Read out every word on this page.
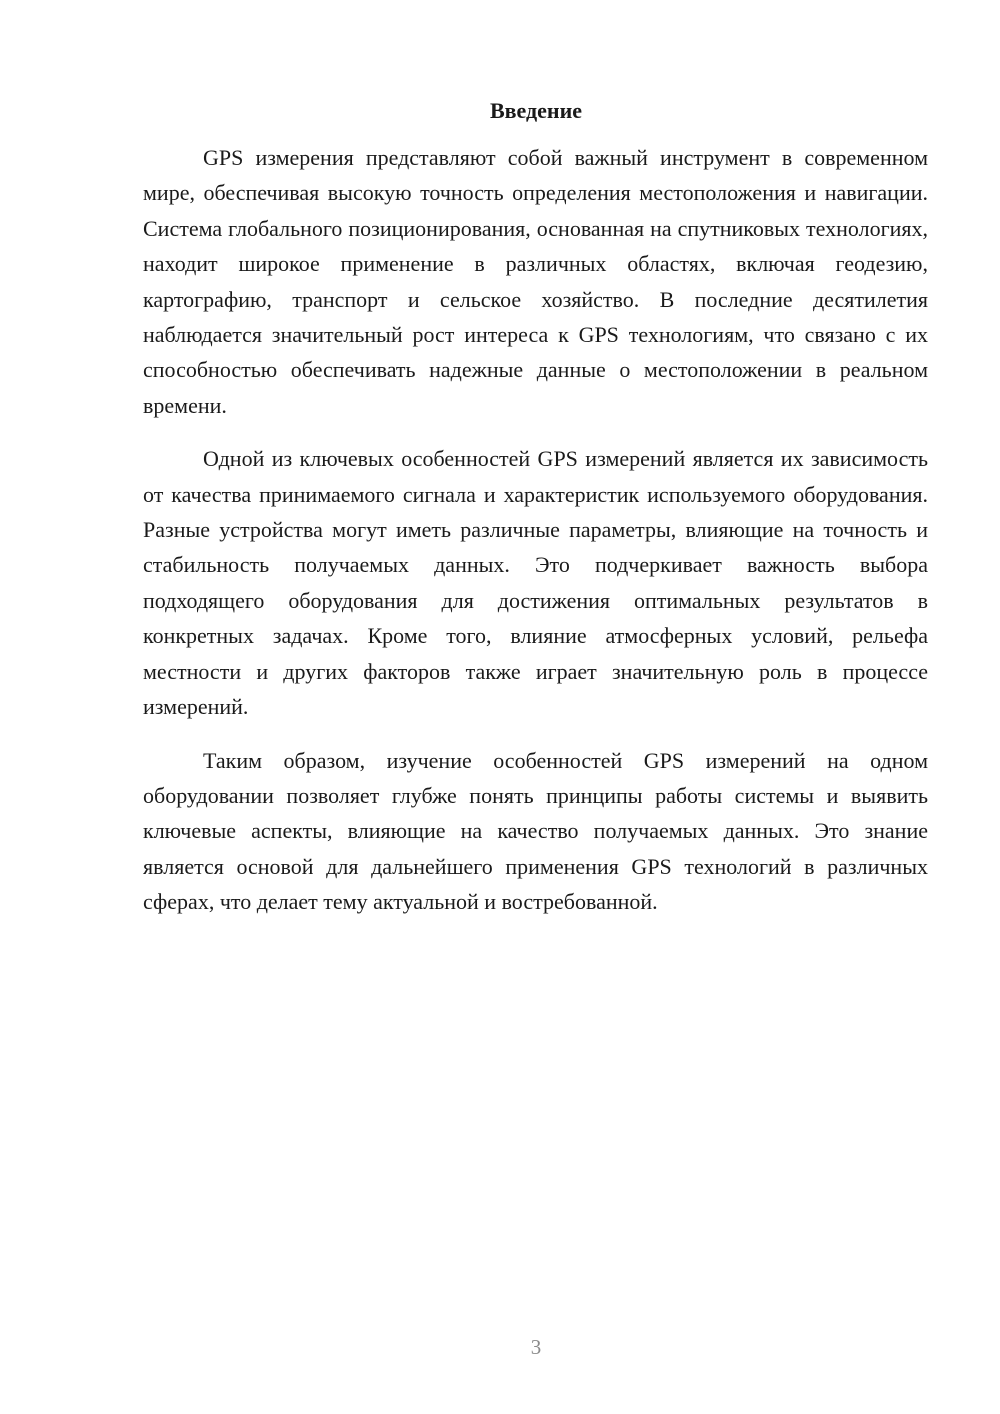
Введение

GPS измерения представляют собой важный инструмент в современном мире, обеспечивая высокую точность определения местоположения и навигации. Система глобального позиционирования, основанная на спутниковых технологиях, находит широкое применение в различных областях, включая геодезию, картографию, транспорт и сельское хозяйство. В последние десятилетия наблюдается значительный рост интереса к GPS технологиям, что связано с их способностью обеспечивать надежные данные о местоположении в реальном времени.

Одной из ключевых особенностей GPS измерений является их зависимость от качества принимаемого сигнала и характеристик используемого оборудования. Разные устройства могут иметь различные параметры, влияющие на точность и стабильность получаемых данных. Это подчеркивает важность выбора подходящего оборудования для достижения оптимальных результатов в конкретных задачах. Кроме того, влияние атмосферных условий, рельефа местности и других факторов также играет значительную роль в процессе измерений.

Таким образом, изучение особенностей GPS измерений на одном оборудовании позволяет глубже понять принципы работы системы и выявить ключевые аспекты, влияющие на качество получаемых данных. Это знание является основой для дальнейшего применения GPS технологий в различных сферах, что делает тему актуальной и востребованной.

3
